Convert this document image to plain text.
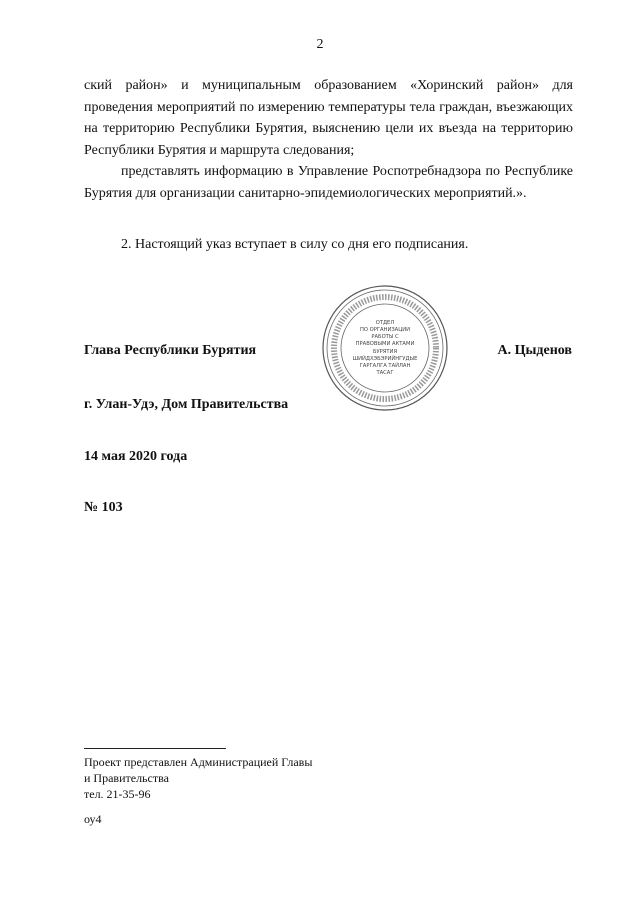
2

ский район» и муниципальным образованием «Хоринский район» для проведения мероприятий по измерению температуры тела граждан, въезжающих на территорию Республики Бурятия, выяснению цели их въезда на территорию Республики Бурятия и маршрута следования;

представлять информацию в Управление Роспотребнадзора по Республике Бурятия для организации санитарно-эпидемиологических мероприятий.».

2. Настоящий указ вступает в силу со дня его подписания.

Глава Республики Бурятия	А. Цыденов
ОТДЕЛ
ПО ОРГАНИЗАЦИИ
РАБОТЫ С
ПРАВОВЫМИ АКТАМИ
БУРЯТИЯ
ШИЙДХЭБЭРИЙНГУДЫЕ
ГАРГАЛГА ТАЙЛАН
ТАСАГ
г. Улан-Удэ, Дом Правительства
14 мая 2020 года
№ 103
Проект представлен Администрацией Главы
и Правительства
тел. 21-35-96
оу4
